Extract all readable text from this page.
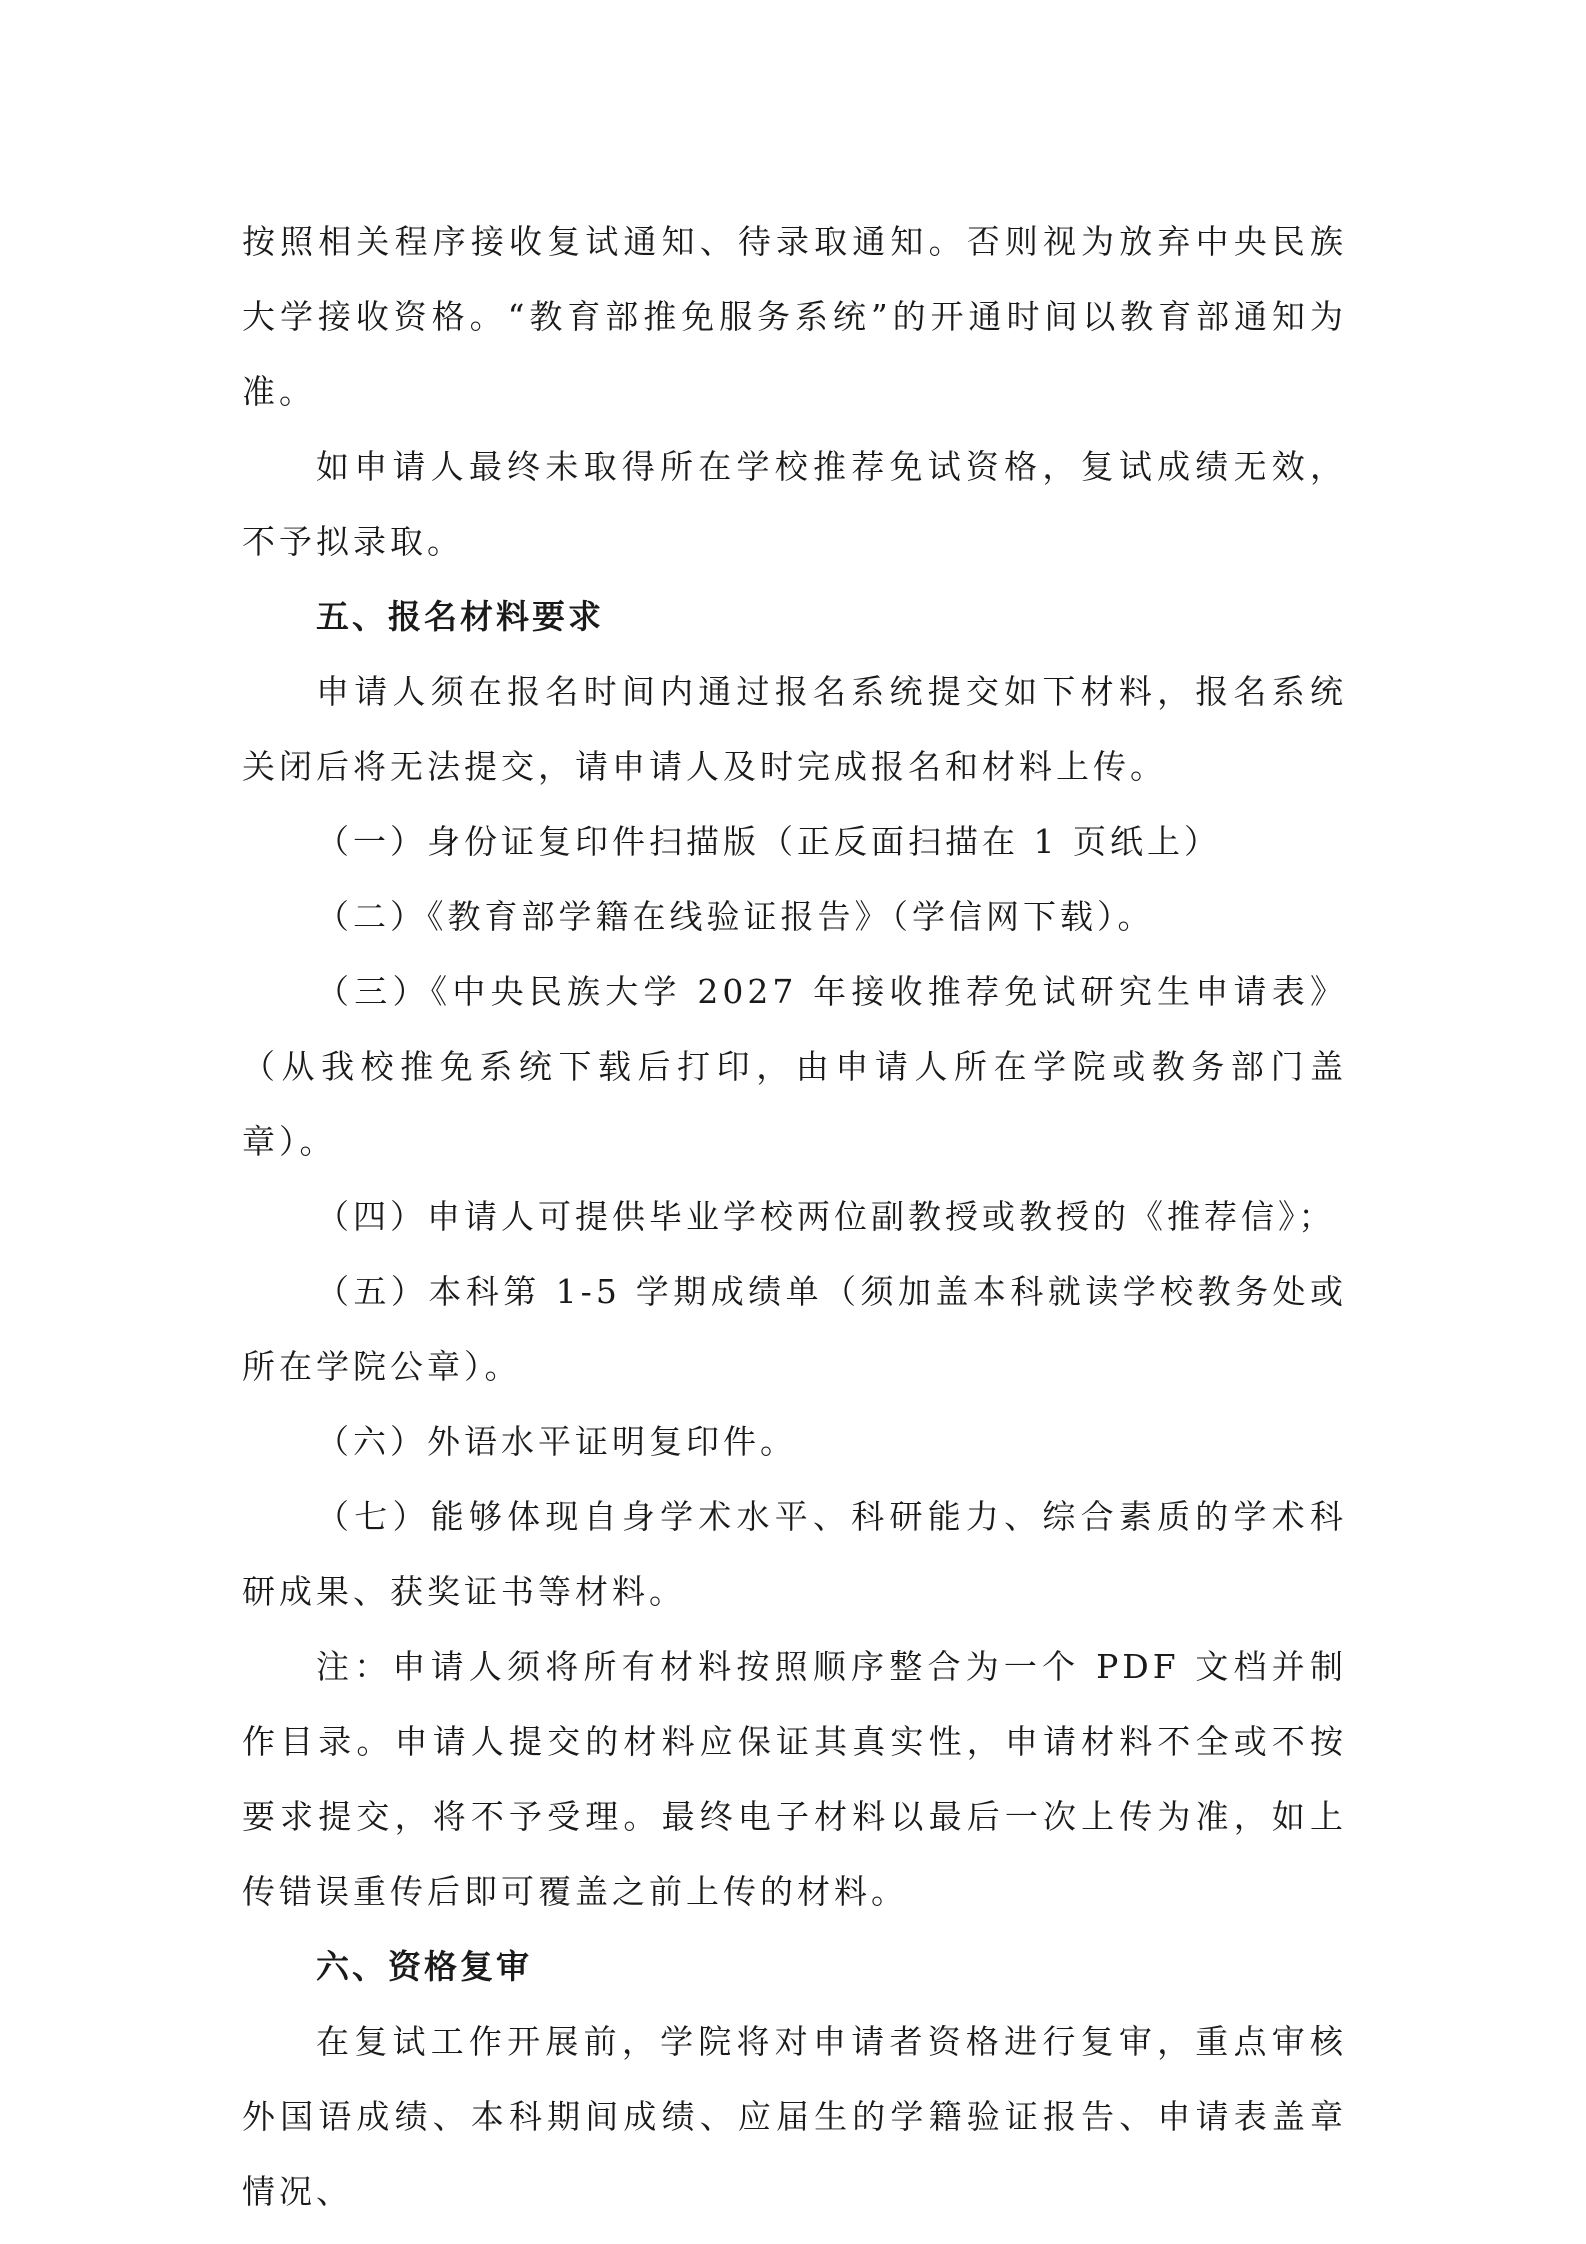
按照相关程序接收复试通知、待录取通知。否则视为放弃中央民族大学接收资格。“教育部推免服务系统”的开通时间以教育部通知为准。

如申请人最终未取得所在学校推荐免试资格，复试成绩无效，不予拟录取。

五、报名材料要求

申请人须在报名时间内通过报名系统提交如下材料，报名系统关闭后将无法提交，请申请人及时完成报名和材料上传。

（一）身份证复印件扫描版（正反面扫描在 1 页纸上）

（二）《教育部学籍在线验证报告》（学信网下载）。

（三）《中央民族大学 2027 年接收推荐免试研究生申请表》（从我校推免系统下载后打印，由申请人所在学院或教务部门盖章）。

（四）申请人可提供毕业学校两位副教授或教授的《推荐信》；

（五）本科第 1-5 学期成绩单（须加盖本科就读学校教务处或所在学院公章）。

（六）外语水平证明复印件。

（七）能够体现自身学术水平、科研能力、综合素质的学术科研成果、获奖证书等材料。

注：申请人须将所有材料按照顺序整合为一个 PDF 文档并制作目录。申请人提交的材料应保证其真实性，申请材料不全或不按要求提交，将不予受理。最终电子材料以最后一次上传为准，如上传错误重传后即可覆盖之前上传的材料。

六、资格复审

在复试工作开展前，学院将对申请者资格进行复审，重点审核外国语成绩、本科期间成绩、应届生的学籍验证报告、申请表盖章情况、
